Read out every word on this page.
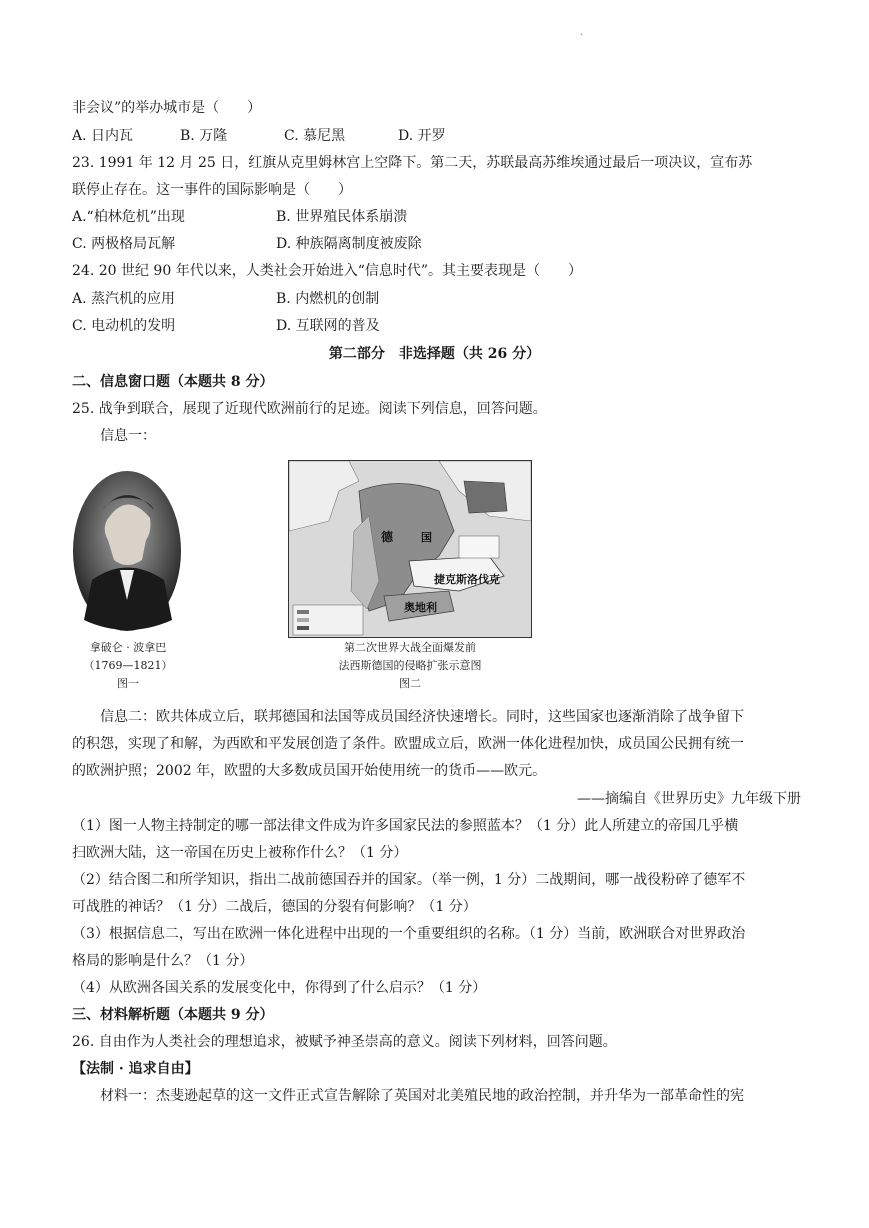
·
非会议”的举办城市是（　　）
A. 日内瓦	B. 万隆	C. 慕尼黑	D. 开罗
23. 1991 年 12 月 25 日，红旗从克里姆林宫上空降下。第二天，苏联最高苏维埃通过最后一项决议，宣布苏
联停止存在。这一事件的国际影响是（　　）
A.“柏林危机”出现	B. 世界殖民体系崩溃
C. 两极格局瓦解	D. 种族隔离制度被废除
24. 20 世纪 90 年代以来，人类社会开始进入“信息时代”。其主要表现是（　　）
A. 蒸汽机的应用	B. 内燃机的创制
C. 电动机的发明	D. 互联网的普及
第二部分　非选择题（共 26 分）
二、信息窗口题（本题共 8 分）
25. 战争到联合，展现了近现代欧洲前行的足迹。阅读下列信息，回答问题。
信息一：
拿破仑 · 波拿巴
（1769—1821）
图一
德	国
捷克斯洛伐克
奥地利
第二次世界大战全面爆发前
法西斯德国的侵略扩张示意图
图二
信息二：欧共体成立后，联邦德国和法国等成员国经济快速增长。同时，这些国家也逐渐消除了战争留下
的积怨，实现了和解，为西欧和平发展创造了条件。欧盟成立后，欧洲一体化进程加快，成员国公民拥有统一
的欧洲护照；2002 年，欧盟的大多数成员国开始使用统一的货币——欧元。
——摘编自《世界历史》九年级下册
（1）图一人物主持制定的哪一部法律文件成为许多国家民法的参照蓝本？（1 分）此人所建立的帝国几乎横
扫欧洲大陆，这一帝国在历史上被称作什么？（1 分）
（2）结合图二和所学知识，指出二战前德国吞并的国家。（举一例，1 分）二战期间，哪一战役粉碎了德军不
可战胜的神话？（1 分）二战后，德国的分裂有何影响？（1 分）
（3）根据信息二，写出在欧洲一体化进程中出现的一个重要组织的名称。（1 分）当前，欧洲联合对世界政治
格局的影响是什么？（1 分）
（4）从欧洲各国关系的发展变化中，你得到了什么启示？（1 分）
三、材料解析题（本题共 9 分）
26. 自由作为人类社会的理想追求，被赋予神圣崇高的意义。阅读下列材料，回答问题。
【法制 · 追求自由】
材料一：杰斐逊起草的这一文件正式宣告解除了英国对北美殖民地的政治控制，并升华为一部革命性的宪
